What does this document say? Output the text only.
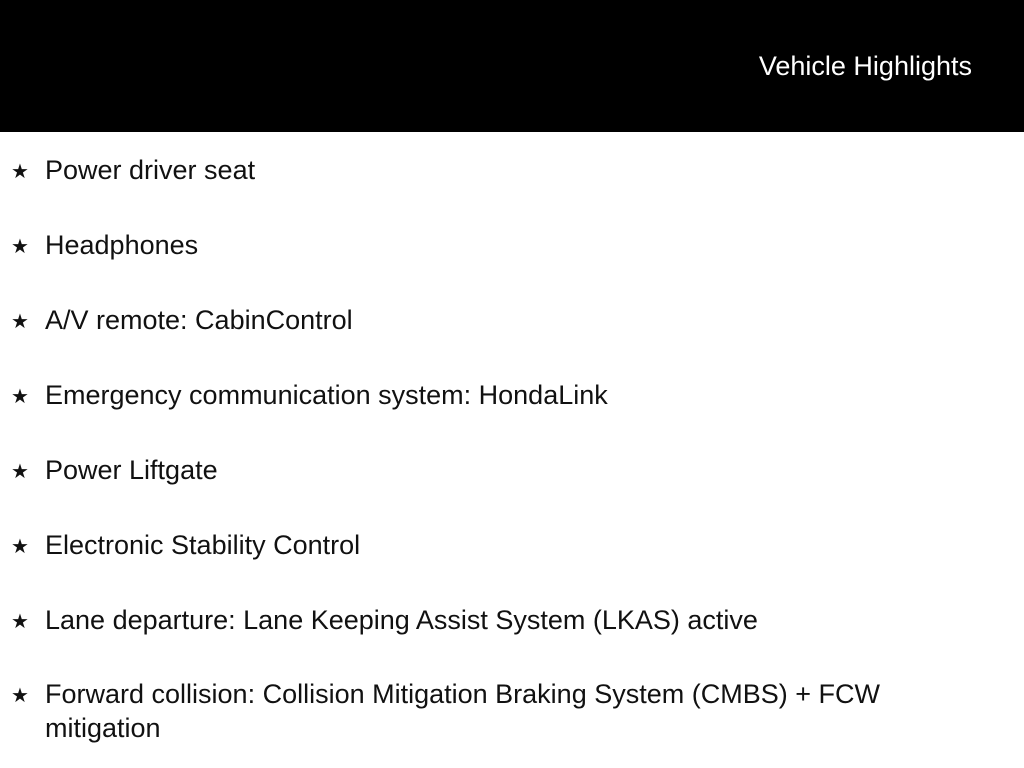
Vehicle Highlights
★ Power driver seat
★ Headphones
★ A/V remote: CabinControl
★ Emergency communication system: HondaLink
★ Power Liftgate
★ Electronic Stability Control
★ Lane departure: Lane Keeping Assist System (LKAS) active
★ Forward collision: Collision Mitigation Braking System (CMBS) + FCW mitigation
